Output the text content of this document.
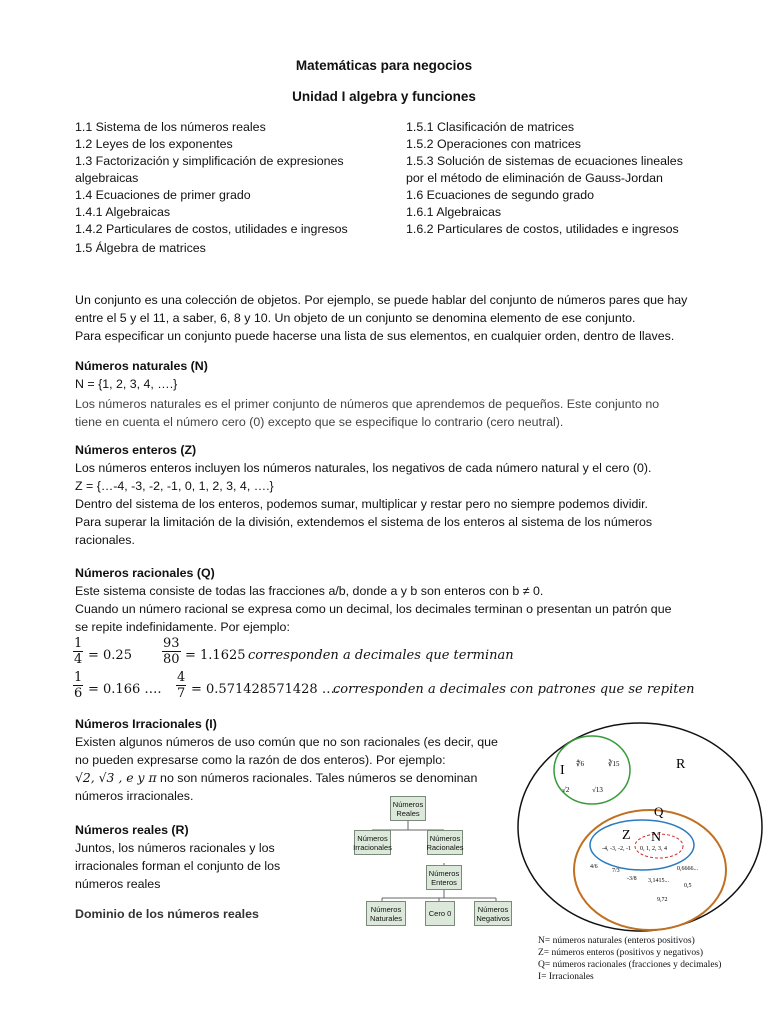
Matemáticas para negocios
Unidad I algebra y funciones
1.1 Sistema de los números reales
1.2 Leyes de los exponentes
1.3 Factorización y simplificación de expresiones
algebraicas
1.4 Ecuaciones de primer grado
1.4.1 Algebraicas
1.4.2 Particulares de costos, utilidades e ingresos
1.5 Álgebra de matrices
1.5.1 Clasificación de matrices
1.5.2 Operaciones con matrices
1.5.3 Solución de sistemas de ecuaciones lineales
por el método de eliminación de Gauss-Jordan
1.6 Ecuaciones de segundo grado
1.6.1 Algebraicas
1.6.2 Particulares de costos, utilidades e ingresos
Un conjunto es una colección de objetos. Por ejemplo, se puede hablar del conjunto de números pares que hay
entre el 5 y el 11, a saber, 6, 8 y 10. Un objeto de un conjunto se denomina elemento de ese conjunto.
Para especificar un conjunto puede hacerse una lista de sus elementos, en cualquier orden, dentro de llaves.
Números naturales (N)
N = {1, 2, 3, 4, ….}
Los números naturales es el primer conjunto de números que aprendemos de pequeños. Este conjunto no
tiene en cuenta el número cero (0) excepto que se especifique lo contrario (cero neutral).
Números enteros (Z)
Los números enteros incluyen los números naturales, los negativos de cada número natural y el cero (0).
Z = {…-4, -3, -2, -1, 0, 1, 2, 3, 4, ….}
Dentro del sistema de los enteros, podemos sumar, multiplicar y restar pero no siempre podemos dividir.
Para superar la limitación de la división, extendemos el sistema de los enteros al sistema de los números
racionales.
Números racionales (Q)
Este sistema consiste de todas las fracciones a/b, donde a y b son enteros con b ≠ 0.
Cuando un número racional se expresa como un decimal, los decimales terminan o presentan un patrón que
se repite indefinidamente. Por ejemplo:
$\frac{1}{4} = 0.25 \frac{93}{80} = 1.1625$ corresponden a decimales que terminan
$\frac{1}{6} = 0.166$ …. $\frac{4}{7} = 0.571428571428$ ….
corresponden a decimales con patrones que se repiten
Números Irracionales (I)
Existen algunos números de uso común que no son racionales (es decir, que
no pueden expresarse como la razón de dos enteros). Por ejemplo:
√2, √3 , e y π no son números racionales. Tales números se denominan
números irracionales.
Números reales (R)
Juntos, los números racionales y los
irracionales forman el conjunto de los
números reales
Dominio de los números reales
Números Reales
Números Irracionales
Números Racionales
Números Enteros
Números Naturales	Cero 0	Números Negativos
I	R
Q
Z N
∜6	∛15
√2	√13
0, 1, 2, 3, 4
-4, -3, -2, -1
4/6
7/3
-3/8 3,1415...
0,6666...
0,5
9,72
N= números naturales (enteros positivos)
Z= números enteros (positivos y negativos)
Q= números racionales (fracciones y decimales)
I= Irracionales
